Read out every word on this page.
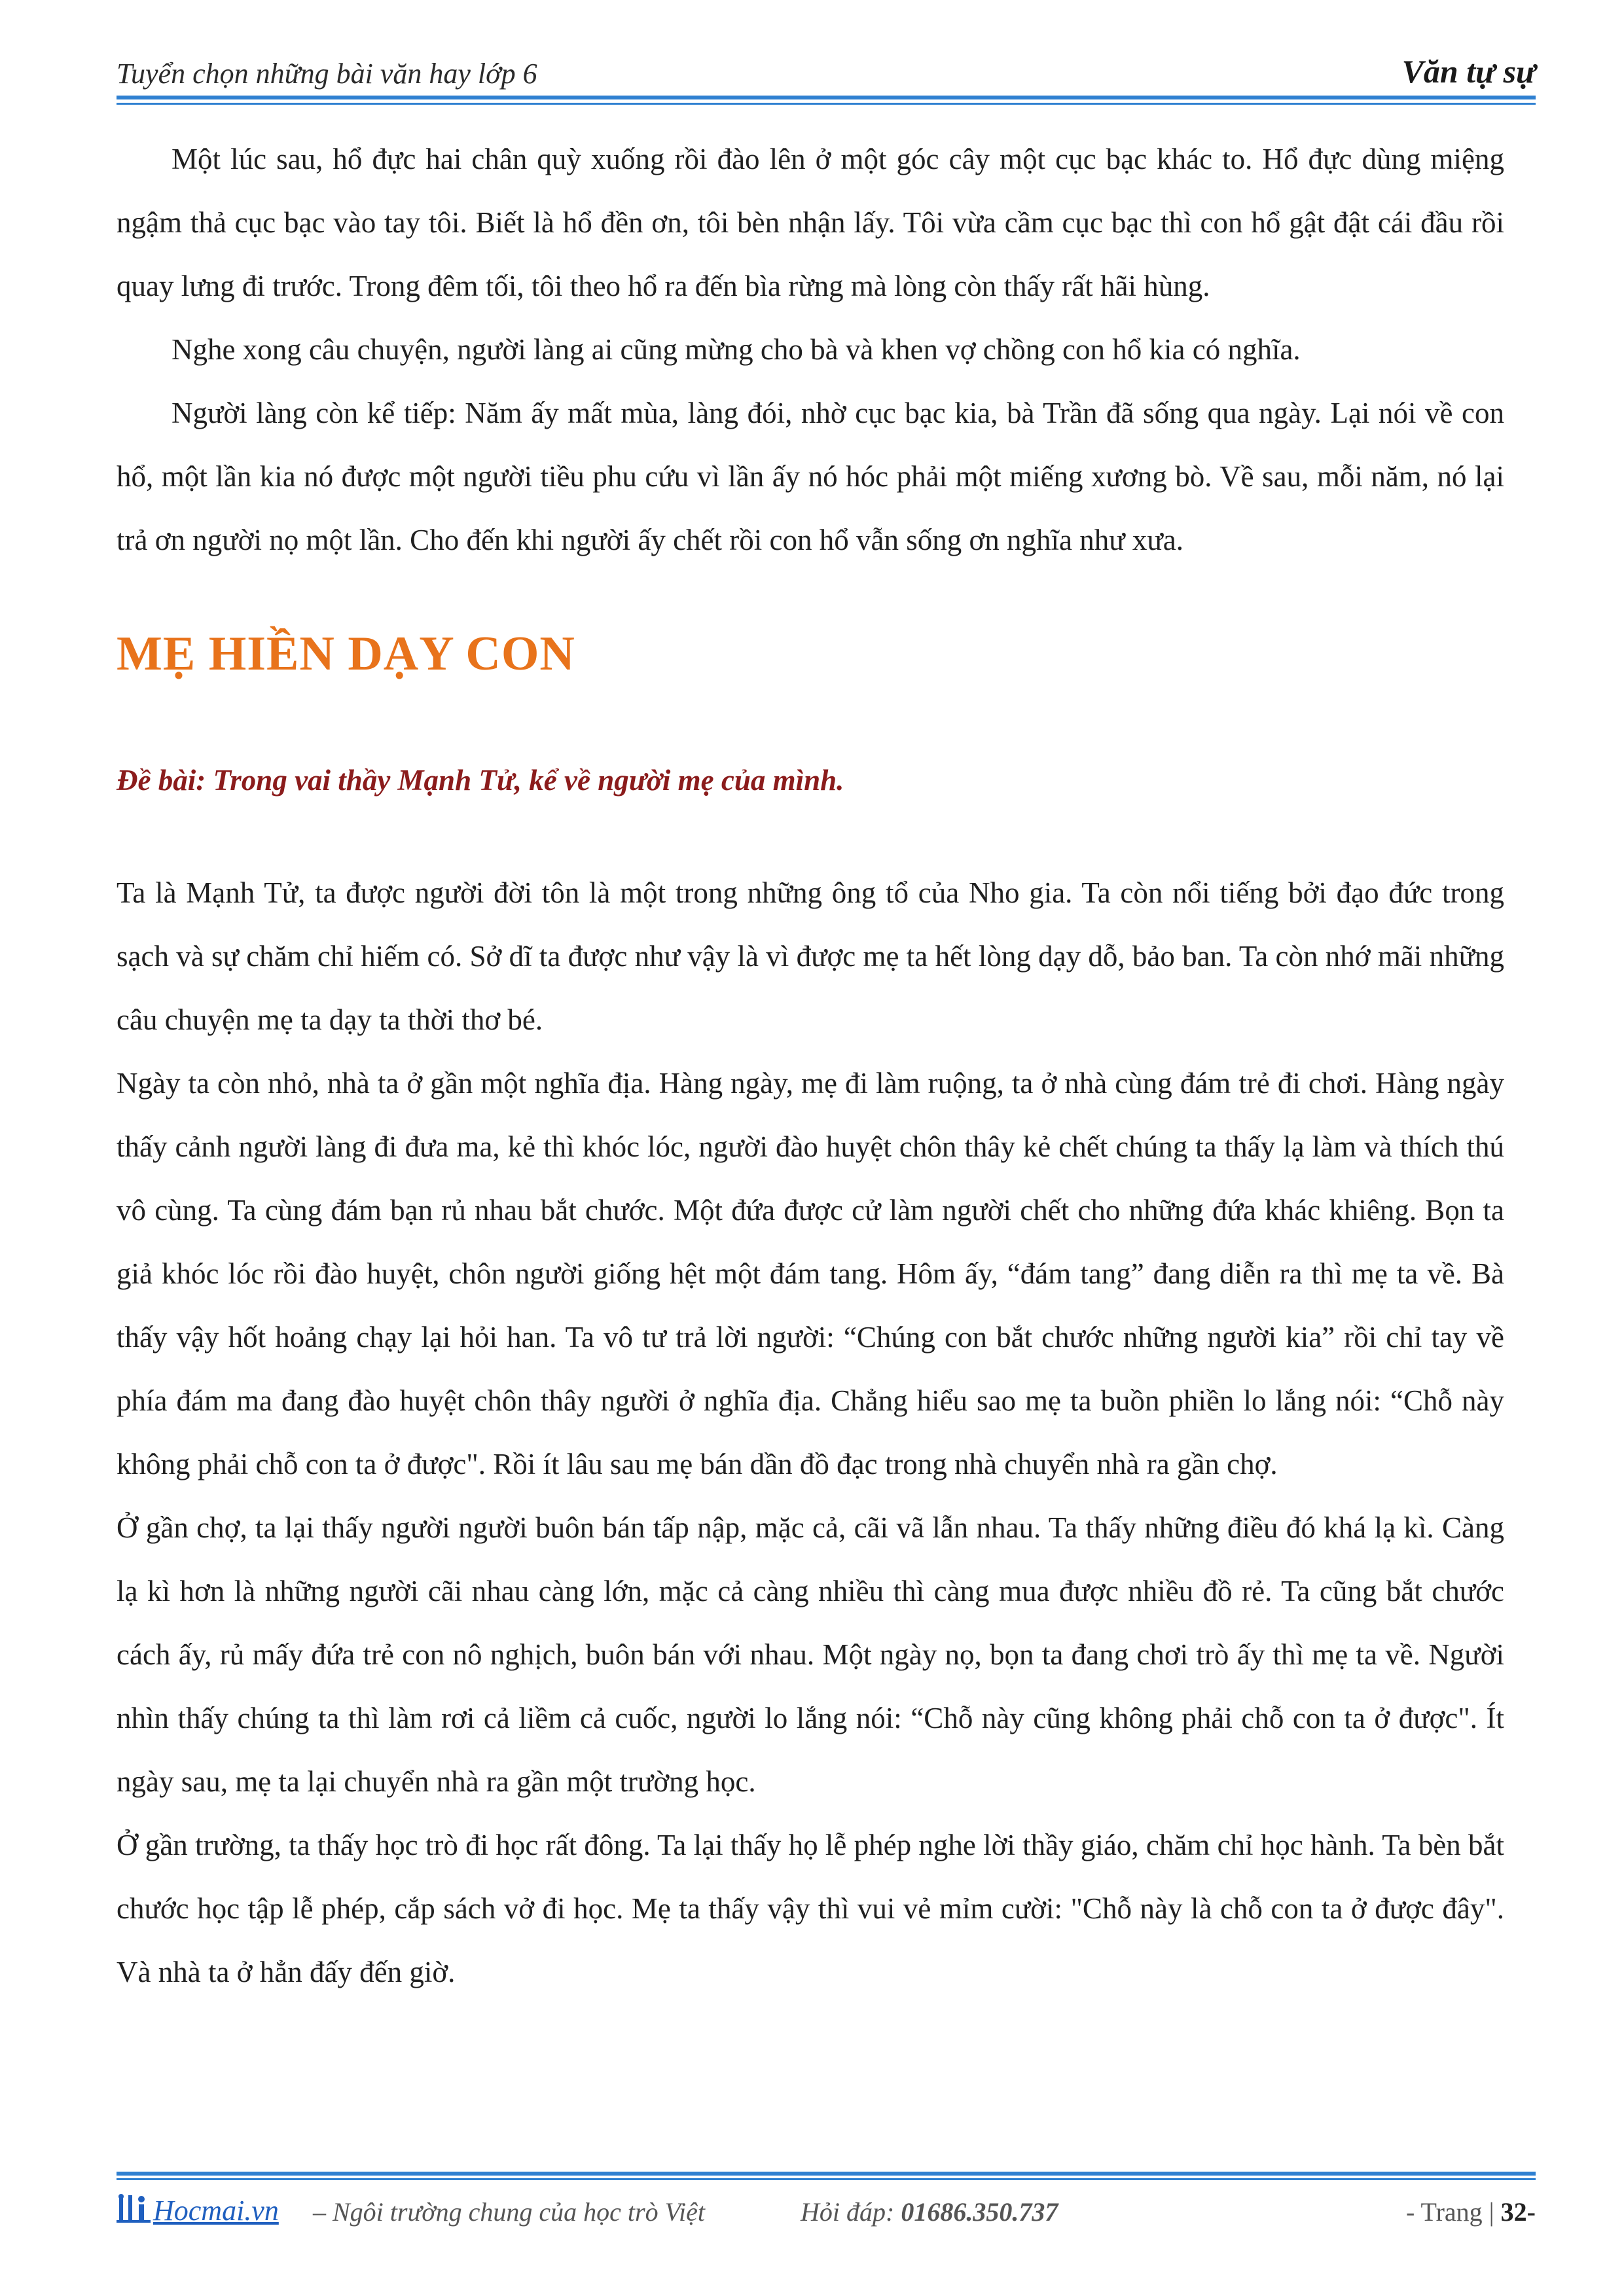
Tuyển chọn những bài văn hay lớp 6	Văn tự sự

Một lúc sau, hổ đực hai chân quỳ xuống rồi đào lên ở một góc cây một cục bạc khác to. Hổ đực dùng miệng ngậm thả cục bạc vào tay tôi. Biết là hổ đền ơn, tôi bèn nhận lấy. Tôi vừa cầm cục bạc thì con hổ gật đật cái đầu rồi quay lưng đi trước. Trong đêm tối, tôi theo hổ ra đến bìa rừng mà lòng còn thấy rất hãi hùng.

Nghe xong câu chuyện, người làng ai cũng mừng cho bà và khen vợ chồng con hổ kia có nghĩa.

Người làng còn kể tiếp: Năm ấy mất mùa, làng đói, nhờ cục bạc kia, bà Trần đã sống qua ngày. Lại nói về con hổ, một lần kia nó được một người tiều phu cứu vì lần ấy nó hóc phải một miếng xương bò. Về sau, mỗi năm, nó lại trả ơn người nọ một lần. Cho đến khi người ấy chết rồi con hổ vẫn sống ơn nghĩa như xưa.

MẸ HIỀN DẠY CON

Đề bài: Trong vai thầy Mạnh Tử, kể về người mẹ của mình.

Ta là Mạnh Tử, ta được người đời tôn là một trong những ông tổ của Nho gia. Ta còn nổi tiếng bởi đạo đức trong sạch và sự chăm chỉ hiếm có. Sở dĩ ta được như vậy là vì được mẹ ta hết lòng dạy dỗ, bảo ban. Ta còn nhớ mãi những câu chuyện mẹ ta dạy ta thời thơ bé.

Ngày ta còn nhỏ, nhà ta ở gần một nghĩa địa. Hàng ngày, mẹ đi làm ruộng, ta ở nhà cùng đám trẻ đi chơi. Hàng ngày thấy cảnh người làng đi đưa ma, kẻ thì khóc lóc, người đào huyệt chôn thây kẻ chết chúng ta thấy lạ làm và thích thú vô cùng. Ta cùng đám bạn rủ nhau bắt chước. Một đứa được cử làm người chết cho những đứa khác khiêng. Bọn ta giả khóc lóc rồi đào huyệt, chôn người giống hệt một đám tang. Hôm ấy, “đám tang” đang diễn ra thì mẹ ta về. Bà thấy vậy hốt hoảng chạy lại hỏi han. Ta vô tư trả lời người: “Chúng con bắt chước những người kia” rồi chỉ tay về phía đám ma đang đào huyệt chôn thây người ở nghĩa địa. Chẳng hiểu sao mẹ ta buồn phiền lo lắng nói: “Chỗ này không phải chỗ con ta ở được". Rồi ít lâu sau mẹ bán dần đồ đạc trong nhà chuyển nhà ra gần chợ.

Ở gần chợ, ta lại thấy người người buôn bán tấp nập, mặc cả, cãi vã lẫn nhau. Ta thấy những điều đó khá lạ kì. Càng lạ kì hơn là những người cãi nhau càng lớn, mặc cả càng nhiều thì càng mua được nhiều đồ rẻ. Ta cũng bắt chước cách ấy, rủ mấy đứa trẻ con nô nghịch, buôn bán với nhau. Một ngày nọ, bọn ta đang chơi trò ấy thì mẹ ta về. Người nhìn thấy chúng ta thì làm rơi cả liềm cả cuốc, người lo lắng nói: “Chỗ này cũng không phải chỗ con ta ở được". Ít ngày sau, mẹ ta lại chuyển nhà ra gần một trường học.

Ở gần trường, ta thấy học trò đi học rất đông. Ta lại thấy họ lễ phép nghe lời thầy giáo, chăm chỉ học hành. Ta bèn bắt chước học tập lễ phép, cắp sách vở đi học. Mẹ ta thấy vậy thì vui vẻ mỉm cười: "Chỗ này là chỗ con ta ở được đây". Và nhà ta ở hẳn đấy đến giờ.

Hocmai.vn – Ngôi trường chung của học trò Việt	Hỏi đáp: 01686.350.737	- Trang | 32-
